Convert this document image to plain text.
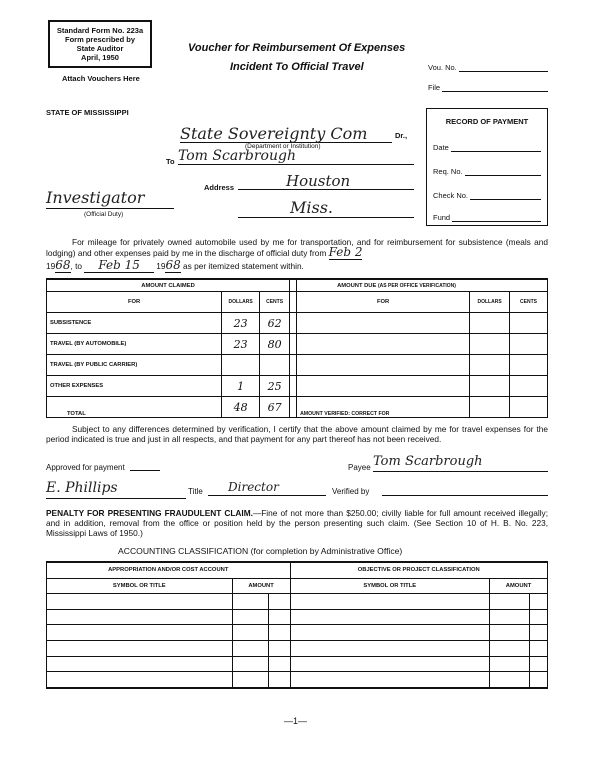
Standard Form No. 223a
Form prescribed by
State Auditor
April, 1950
Attach Vouchers Here
Voucher for Reimbursement Of Expenses
Incident To Official Travel	Vou. No.
File
STATE OF MISSISSIPPI
State Sovereignty Com	Dr.,
(Department or Institution)
To Tom Scarbrough
Address	Houston
Miss.
Investigator
(Official Duty)
RECORD OF PAYMENT
Date
Req. No.
Check No.
Fund
For mileage for privately owned automobile used by me for transportation, and for reimbursement for subsistence (meals and lodging) and other expenses paid by me in the discharge of official duty from Feb 2
1968, to Feb 15 1968 as per itemized statement within.
AMOUNT CLAIMED				AMOUNT DUE (AS PER OFFICE VERIFICATION)		
FOR	DOLLARS	CENTS		FOR	DOLLARS	CENTS
SUBSISTENCE	23	62				
TRAVEL (BY AUTOMOBILE)	23	80				
TRAVEL (BY PUBLIC CARRIER)						
OTHER EXPENSES	1	25				
TOTAL	48	67		AMOUNT VERIFIED: CORRECT FOR		
Subject to any differences determined by verification, I certify that the above amount claimed by me for travel expenses for the period indicated is true and just in all respects, and that payment for any part thereof has not been received.
Approved for payment
E. Phillips	Title	Director
Payee Tom Scarbrough
Verified by
PENALTY FOR PRESENTING FRAUDULENT CLAIM.—Fine of not more than $250.00; civilly liable for full amount received illegally; and in addition, removal from the office or position held by the person presenting such claim. (See Section 10 of H. B. No. 223, Mississippi Laws of 1950.)
ACCOUNTING CLASSIFICATION (for completion by Administrative Office)
APPROPRIATION AND/OR COST ACCOUNT			OBJECTIVE OR PROJECT CLASSIFICATION		
SYMBOL OR TITLE	AMOUNT		SYMBOL OR TITLE	AMOUNT	

—1—
